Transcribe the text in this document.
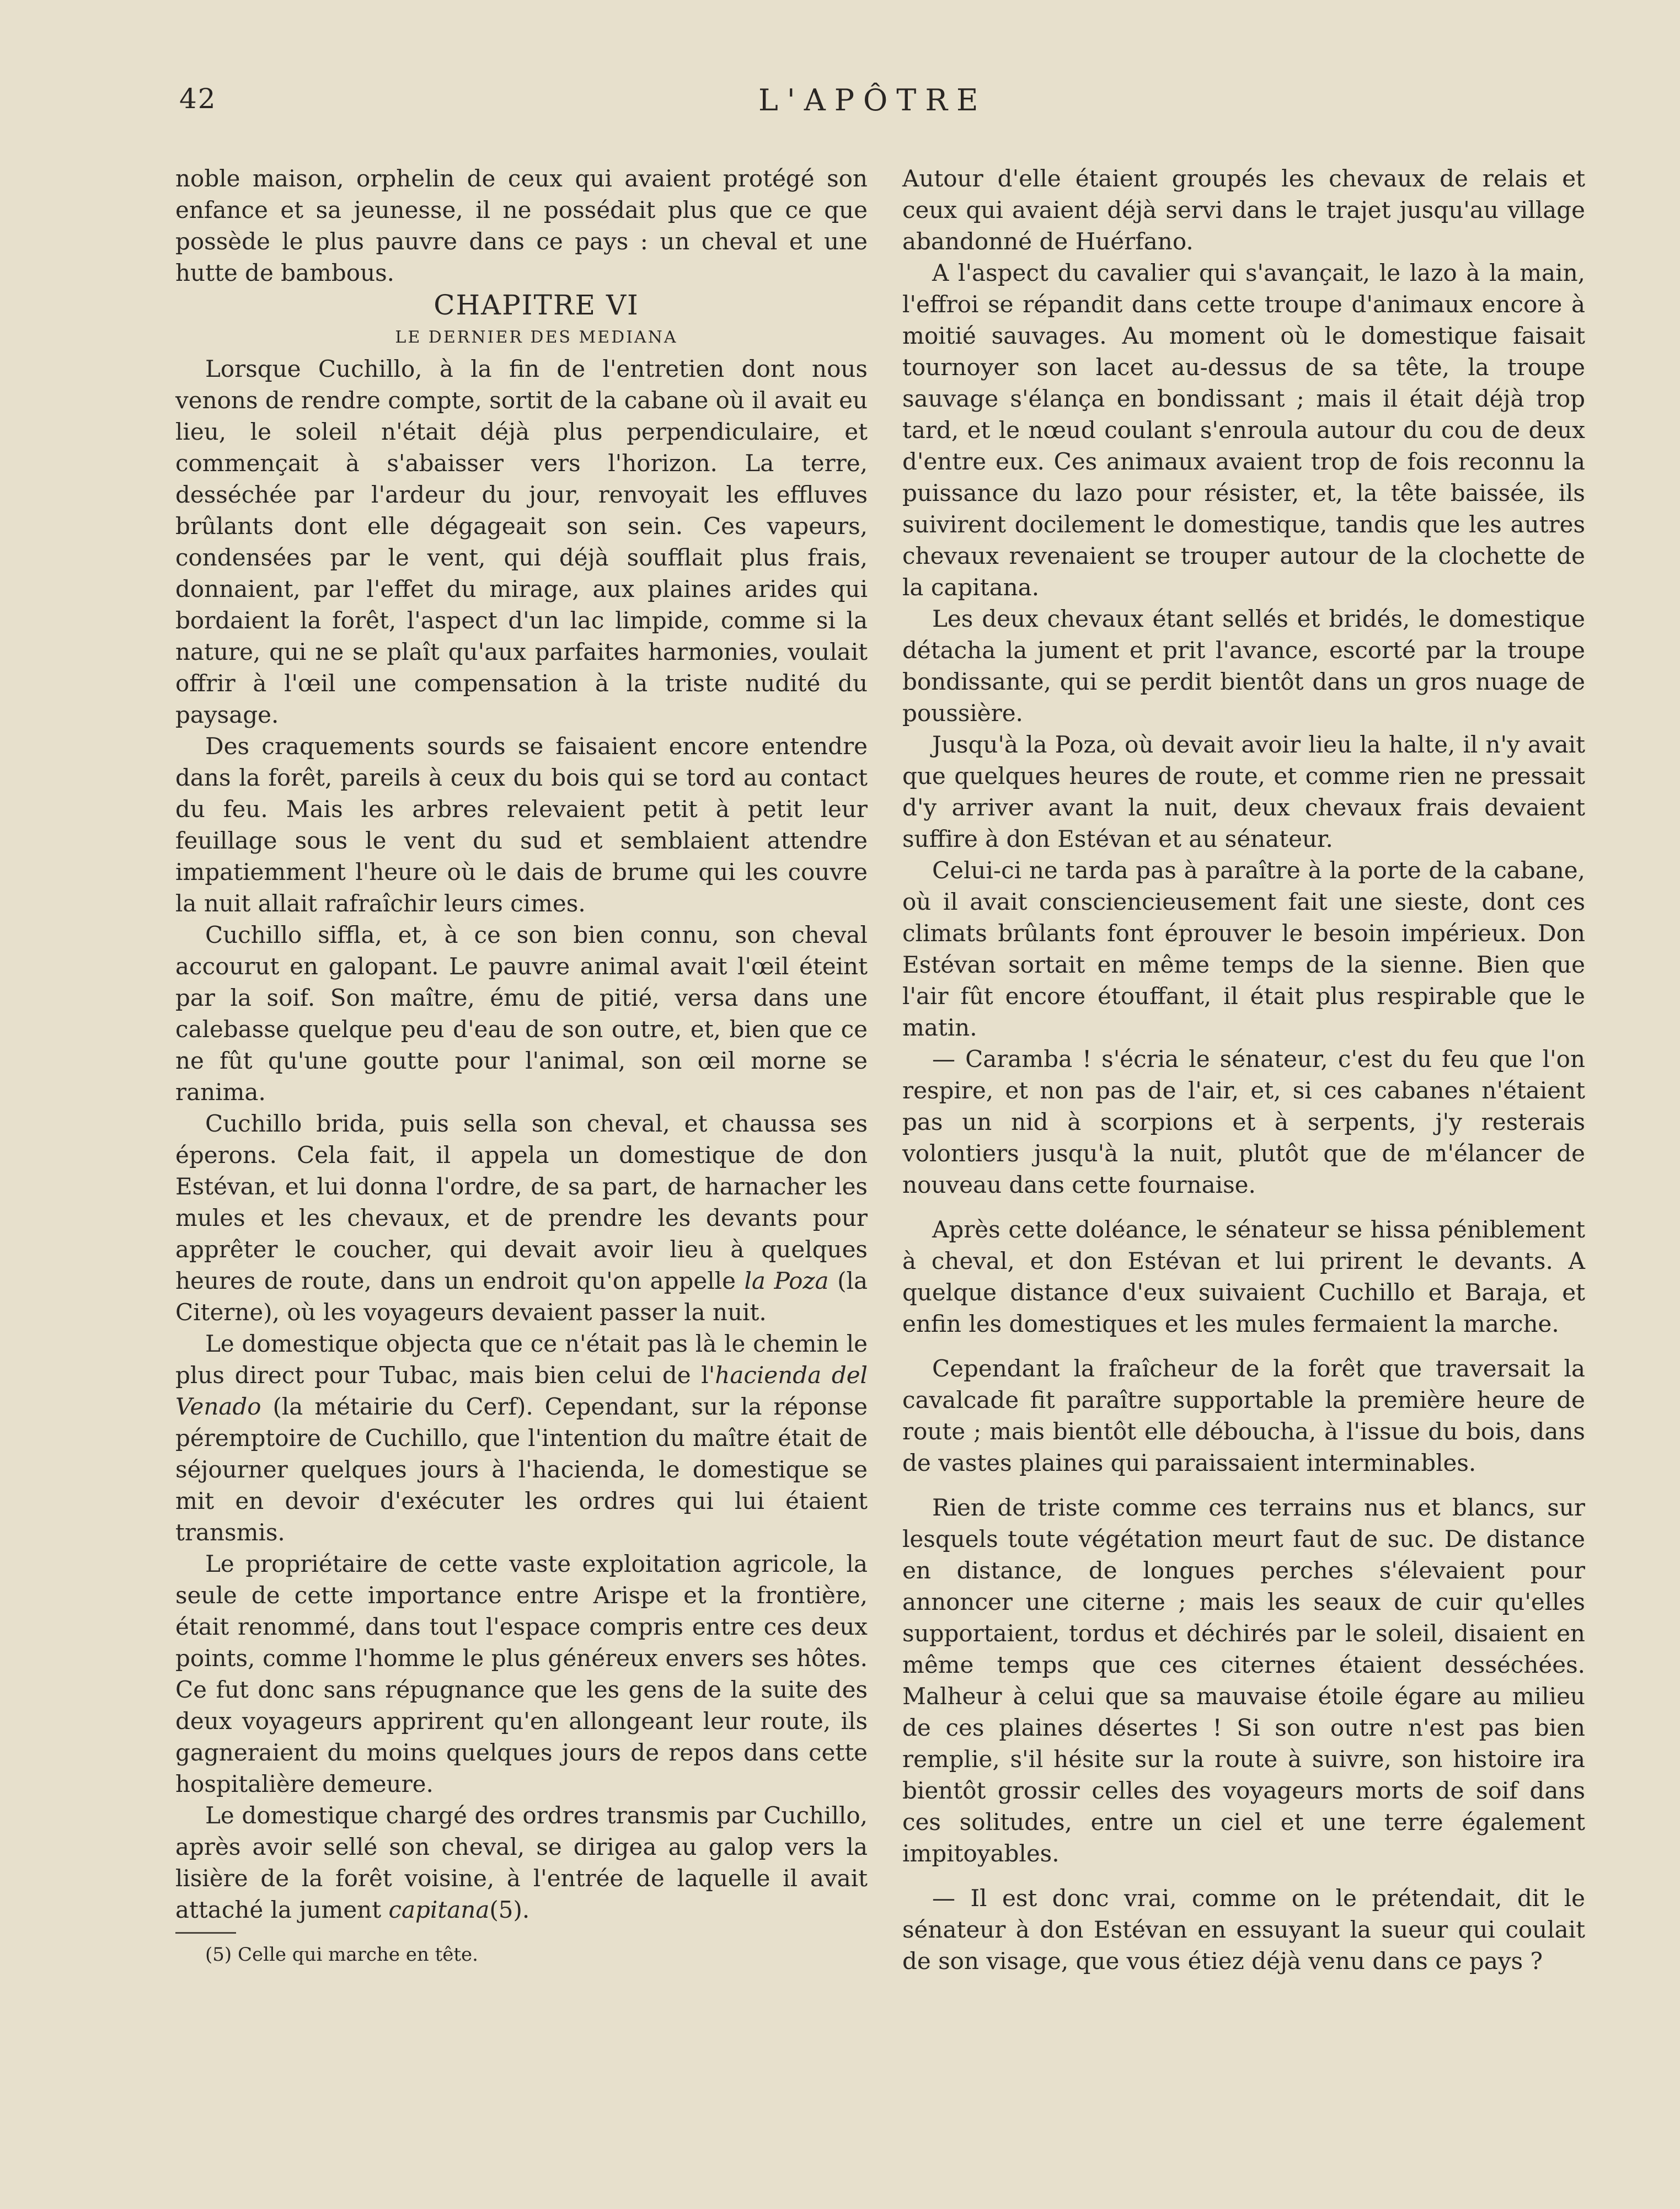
42	L'APÔTRE

noble maison, orphelin de ceux qui avaient protégé son enfance et sa jeunesse, il ne possédait plus que ce que possède le plus pauvre dans ce pays : un cheval et une hutte de bambous.

CHAPITRE VI

LE DERNIER DES MEDIANA

Lorsque Cuchillo, à la fin de l'entretien dont nous venons de rendre compte, sortit de la cabane où il avait eu lieu, le soleil n'était déjà plus perpendiculaire, et commençait à s'abaisser vers l'horizon. La terre, desséchée par l'ardeur du jour, renvoyait les effluves brûlants dont elle dégageait son sein. Ces vapeurs, condensées par le vent, qui déjà soufflait plus frais, donnaient, par l'effet du mirage, aux plaines arides qui bordaient la forêt, l'aspect d'un lac limpide, comme si la nature, qui ne se plaît qu'aux parfaites harmonies, voulait offrir à l'œil une compensation à la triste nudité du paysage.

Des craquements sourds se faisaient encore entendre dans la forêt, pareils à ceux du bois qui se tord au contact du feu. Mais les arbres relevaient petit à petit leur feuillage sous le vent du sud et semblaient attendre impatiemment l'heure où le dais de brume qui les couvre la nuit allait rafraîchir leurs cimes.

Cuchillo siffla, et, à ce son bien connu, son cheval accourut en galopant. Le pauvre animal avait l'œil éteint par la soif. Son maître, ému de pitié, versa dans une calebasse quelque peu d'eau de son outre, et, bien que ce ne fût qu'une goutte pour l'animal, son œil morne se ranima.

Cuchillo brida, puis sella son cheval, et chaussa ses éperons. Cela fait, il appela un domestique de don Estévan, et lui donna l'ordre, de sa part, de harnacher les mules et les chevaux, et de prendre les devants pour apprêter le coucher, qui devait avoir lieu à quelques heures de route, dans un endroit qu'on appelle la Poza (la Citerne), où les voyageurs devaient passer la nuit.

Le domestique objecta que ce n'était pas là le chemin le plus direct pour Tubac, mais bien celui de l'hacienda del Venado (la métairie du Cerf). Cependant, sur la réponse péremptoire de Cuchillo, que l'intention du maître était de séjourner quelques jours à l'hacienda, le domestique se mit en devoir d'exécuter les ordres qui lui étaient transmis.

Le propriétaire de cette vaste exploitation agricole, la seule de cette importance entre Arispe et la frontière, était renommé, dans tout l'espace compris entre ces deux points, comme l'homme le plus généreux envers ses hôtes. Ce fut donc sans répugnance que les gens de la suite des deux voyageurs apprirent qu'en allongeant leur route, ils gagneraient du moins quelques jours de repos dans cette hospitalière demeure.

Le domestique chargé des ordres transmis par Cuchillo, après avoir sellé son cheval, se dirigea au galop vers la lisière de la forêt voisine, à l'entrée de laquelle il avait attaché la jument capitana(5).

(5) Celle qui marche en tête.

Autour d'elle étaient groupés les chevaux de relais et ceux qui avaient déjà servi dans le trajet jusqu'au village abandonné de Huérfano.

A l'aspect du cavalier qui s'avançait, le lazo à la main, l'effroi se répandit dans cette troupe d'animaux encore à moitié sauvages. Au moment où le domestique faisait tournoyer son lacet au-dessus de sa tête, la troupe sauvage s'élança en bondissant ; mais il était déjà trop tard, et le nœud coulant s'enroula autour du cou de deux d'entre eux. Ces animaux avaient trop de fois reconnu la puissance du lazo pour résister, et, la tête baissée, ils suivirent docilement le domestique, tandis que les autres chevaux revenaient se trouper autour de la clochette de la capitana.

Les deux chevaux étant sellés et bridés, le domestique détacha la jument et prit l'avance, escorté par la troupe bondissante, qui se perdit bientôt dans un gros nuage de poussière.

Jusqu'à la Poza, où devait avoir lieu la halte, il n'y avait que quelques heures de route, et comme rien ne pressait d'y arriver avant la nuit, deux chevaux frais devaient suffire à don Estévan et au sénateur.

Celui-ci ne tarda pas à paraître à la porte de la cabane, où il avait consciencieusement fait une sieste, dont ces climats brûlants font éprouver le besoin impérieux. Don Estévan sortait en même temps de la sienne. Bien que l'air fût encore étouffant, il était plus respirable que le matin.

— Caramba ! s'écria le sénateur, c'est du feu que l'on respire, et non pas de l'air, et, si ces cabanes n'étaient pas un nid à scorpions et à serpents, j'y resterais volontiers jusqu'à la nuit, plutôt que de m'élancer de nouveau dans cette fournaise.

Après cette doléance, le sénateur se hissa péniblement à cheval, et don Estévan et lui prirent le devants. A quelque distance d'eux suivaient Cuchillo et Baraja, et enfin les domestiques et les mules fermaient la marche.

Cependant la fraîcheur de la forêt que traversait la cavalcade fit paraître supportable la première heure de route ; mais bientôt elle déboucha, à l'issue du bois, dans de vastes plaines qui paraissaient interminables.

Rien de triste comme ces terrains nus et blancs, sur lesquels toute végétation meurt faut de suc. De distance en distance, de longues perches s'élevaient pour annoncer une citerne ; mais les seaux de cuir qu'elles supportaient, tordus et déchirés par le soleil, disaient en même temps que ces citernes étaient desséchées. Malheur à celui que sa mauvaise étoile égare au milieu de ces plaines désertes ! Si son outre n'est pas bien remplie, s'il hésite sur la route à suivre, son histoire ira bientôt grossir celles des voyageurs morts de soif dans ces solitudes, entre un ciel et une terre également impitoyables.

— Il est donc vrai, comme on le prétendait, dit le sénateur à don Estévan en essuyant la sueur qui coulait de son visage, que vous étiez déjà venu dans ce pays ?
